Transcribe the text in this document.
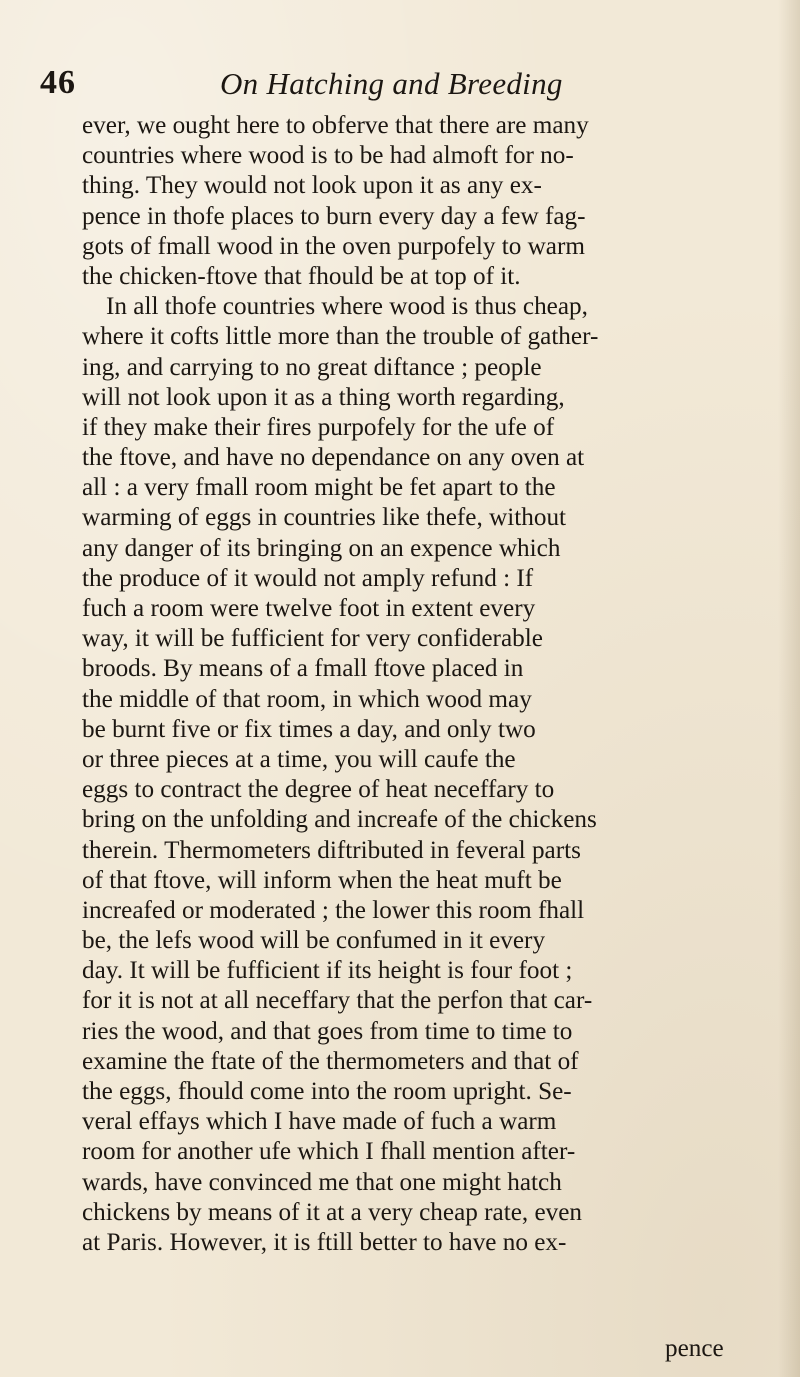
46	On Hatching and Breeding
ever, we ought here to obferve that there are many
countries where wood is to be had almoft for no-
thing. They would not look upon it as any ex-
pence in thofe places to burn every day a few fag-
gots of fmall wood in the oven purpofely to warm
the chicken-ftove that fhould be at top of it.
In all thofe countries where wood is thus cheap,
where it cofts little more than the trouble of gather-
ing, and carrying to no great diftance ; people
will not look upon it as a thing worth regarding,
if they make their fires purpofely for the ufe of
the ftove, and have no dependance on any oven at
all : a very fmall room might be fet apart to the
warming of eggs in countries like thefe, without
any danger of its bringing on an expence which
the produce of it would not amply refund : If
fuch a room were twelve foot in extent every
way, it will be fufficient for very confiderable
broods. By means of a fmall ftove placed in
the middle of that room, in which wood may
be burnt five or fix times a day, and only two
or three pieces at a time, you will caufe the
eggs to contract the degree of heat neceffary to
bring on the unfolding and increafe of the chickens
therein. Thermometers diftributed in feveral parts
of that ftove, will inform when the heat muft be
increafed or moderated ; the lower this room fhall
be, the lefs wood will be confumed in it every
day. It will be fufficient if its height is four foot ;
for it is not at all neceffary that the perfon that car-
ries the wood, and that goes from time to time to
examine the ftate of the thermometers and that of
the eggs, fhould come into the room upright. Se-
veral effays which I have made of fuch a warm
room for another ufe which I fhall mention after-
wards, have convinced me that one might hatch
chickens by means of it at a very cheap rate, even
at Paris. However, it is ftill better to have no ex-
pence
